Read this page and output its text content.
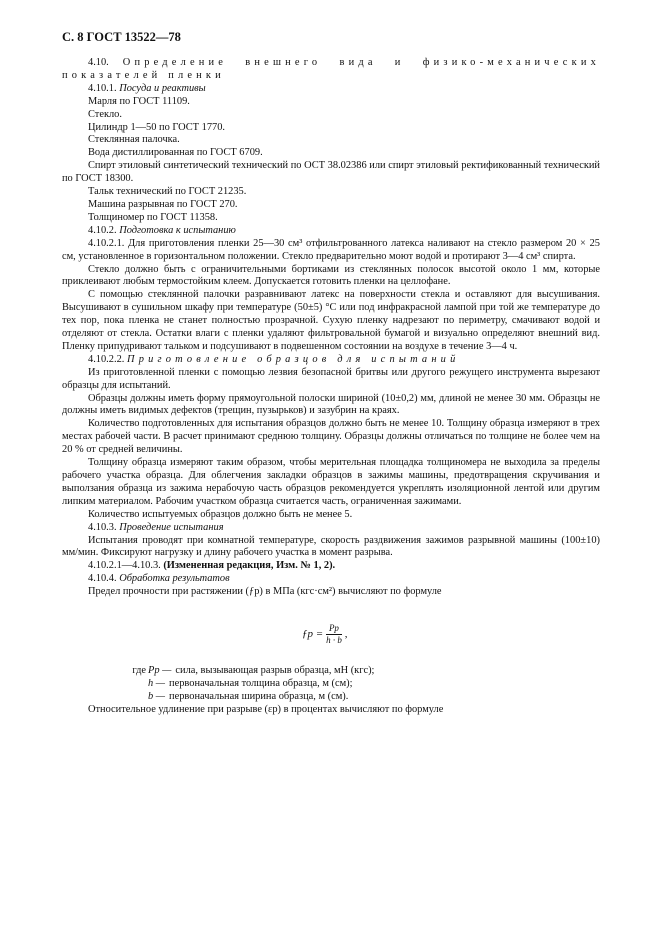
С. 8 ГОСТ 13522—78

4.10. Определение внешнего вида и физико-механических показателей пленки

4.10.1. Посуда и реактивы

Марля по ГОСТ 11109.

Стекло.

Цилиндр 1—50 по ГОСТ 1770.

Стеклянная палочка.

Вода дистиллированная по ГОСТ 6709.

Спирт этиловый синтетический технический по ОСТ 38.02386 или спирт этиловый ректификованный технический по ГОСТ 18300.

Тальк технический по ГОСТ 21235.

Машина разрывная по ГОСТ 270.

Толщиномер по ГОСТ 11358.

4.10.2. Подготовка к испытанию

4.10.2.1. Для приготовления пленки 25—30 см³ отфильтрованного латекса наливают на стекло размером 20 × 25 см, установленное в горизонтальном положении. Стекло предварительно моют водой и протирают 3—4 см³ спирта.

Стекло должно быть с ограничительными бортиками из стеклянных полосок высотой около 1 мм, которые приклеивают любым термостойким клеем. Допускается готовить пленки на целлофане.

С помощью стеклянной палочки разравнивают латекс на поверхности стекла и оставляют для высушивания. Высушивают в сушильном шкафу при температуре (50±5) °С или под инфракрасной лампой при той же температуре до тех пор, пока пленка не станет полностью прозрачной. Сухую пленку надрезают по периметру, смачивают водой и отделяют от стекла. Остатки влаги с пленки удаляют фильтровальной бумагой и визуально определяют внешний вид. Пленку припудривают тальком и подсушивают в подвешенном состоянии на воздухе в течение 3—4 ч.

4.10.2.2. Приготовление образцов для испытаний

Из приготовленной пленки с помощью лезвия безопасной бритвы или другого режущего инструмента вырезают образцы для испытаний.

Образцы должны иметь форму прямоугольной полоски шириной (10±0,2) мм, длиной не менее 30 мм. Образцы не должны иметь видимых дефектов (трещин, пузырьков) и зазубрин на краях.

Количество подготовленных для испытания образцов должно быть не менее 10. Толщину образца измеряют в трех местах рабочей части. В расчет принимают среднюю толщину. Образцы должны отличаться по толщине не более чем на 20 % от средней величины.

Толщину образца измеряют таким образом, чтобы мерительная площадка толщиномера не выходила за пределы рабочего участка образца. Для облегчения закладки образцов в зажимы машины, предотвращения скручивания и выползания образца из зажима нерабочую часть образцов рекомендуется укреплять изоляционной лентой или другим липким материалом. Рабочим участком образца считается часть, ограниченная зажимами.

Количество испытуемых образцов должно быть не менее 5.

4.10.3. Проведение испытания

Испытания проводят при комнатной температуре, скорость раздвижения зажимов разрывной машины (100±10) мм/мин. Фиксируют нагрузку и длину рабочего участка в момент разрыва.

4.10.2.1—4.10.3. (Измененная редакция, Изм. № 1, 2).

4.10.4. Обработка результатов

Предел прочности при растяжении (ƒр) в МПа (кгс·см²) вычисляют по формуле

ƒр = $\frac{Pр}{h \cdot b}$ ,
где Pр — сила, вызывающая разрыв образца, мН (кгс);
h — первоначальная толщина образца, м (см);
b — первоначальная ширина образца, м (см).

Относительное удлинение при разрыве (εр) в процентах вычисляют по формуле
